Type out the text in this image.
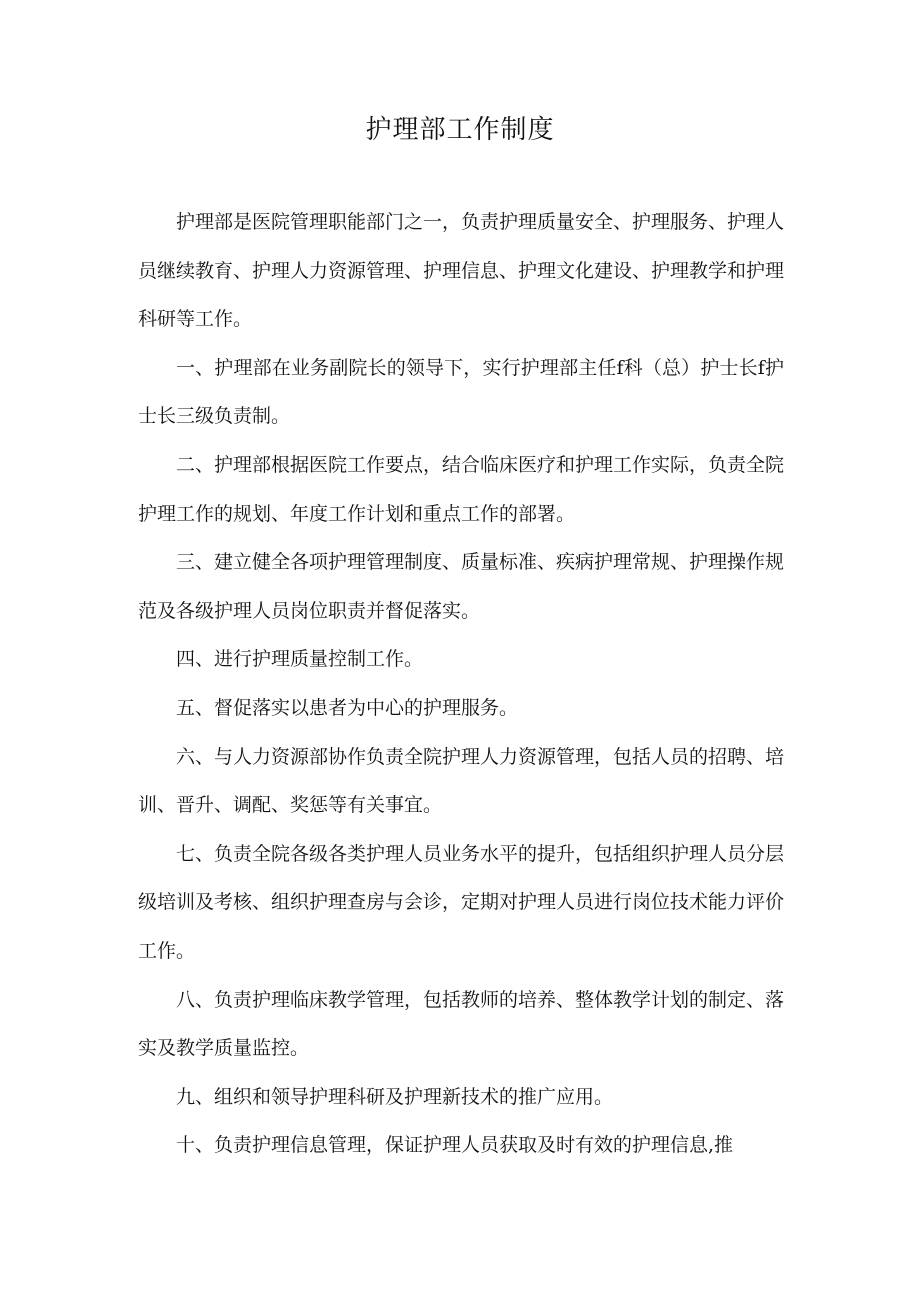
护理部工作制度

护理部是医院管理职能部门之一，负责护理质量安全、护理服务、护理人员继续教育、护理人力资源管理、护理信息、护理文化建设、护理教学和护理科研等工作。

一、护理部在业务副院长的领导下，实行护理部主任f科（总）护士长f护士长三级负责制。

二、护理部根据医院工作要点，结合临床医疗和护理工作实际，负责全院护理工作的规划、年度工作计划和重点工作的部署。

三、建立健全各项护理管理制度、质量标准、疾病护理常规、护理操作规范及各级护理人员岗位职责并督促落实。

四、进行护理质量控制工作。

五、督促落实以患者为中心的护理服务。

六、与人力资源部协作负责全院护理人力资源管理，包括人员的招聘、培训、晋升、调配、奖惩等有关事宜。

七、负责全院各级各类护理人员业务水平的提升，包括组织护理人员分层级培训及考核、组织护理查房与会诊，定期对护理人员进行岗位技术能力评价工作。

八、负责护理临床教学管理，包括教师的培养、整体教学计划的制定、落实及教学质量监控。

九、组织和领导护理科研及护理新技术的推广应用。

十、负责护理信息管理，保证护理人员获取及时有效的护理信息,推
